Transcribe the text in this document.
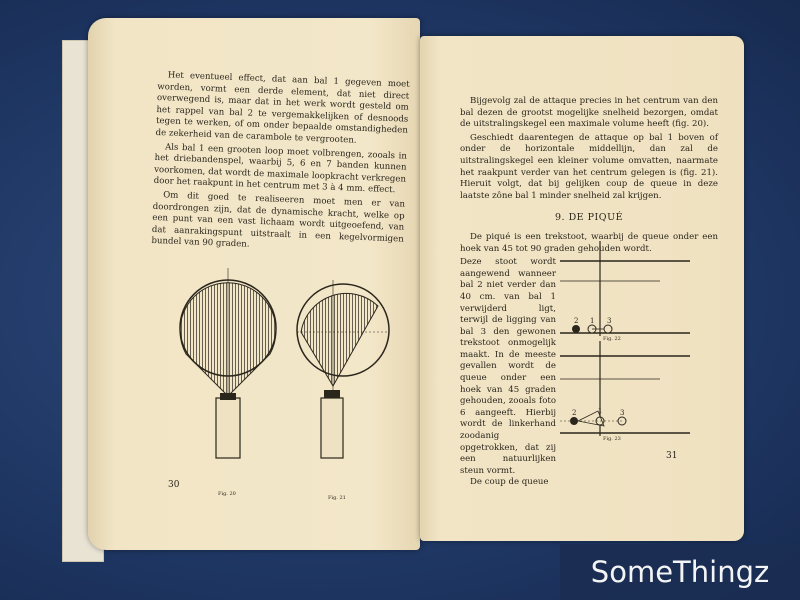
Het eventueel effect, dat aan bal 1 gegeven moet worden, vormt een derde element, dat niet direct overwegend is, maar dat in het werk wordt gesteld om het rappel van bal 2 te vergemakkelijken of desnoods tegen te werken, of om onder bepaalde omstandigheden de zekerheid van de carambole te vergrooten.

Als bal 1 een grooten loop moet volbrengen, zooals in het driebandenspel, waarbij 5, 6 en 7 banden kunnen voorkomen, dat wordt de maximale loopkracht verkregen door het raakpunt in het centrum met 3 à 4 mm. effect.

Om dit goed te realiseeren moet men er van doordrongen zijn, dat de dynamische kracht, welke op een punt van een vast lichaam wordt uitgeoefend, van dat aanrakingspunt uitstraalt in een kegelvormigen bundel van 90 graden.

Fig. 20
Fig. 21
30

Bijgevolg zal de attaque precies in het centrum van den bal dezen de grootst mogelijke snelheid bezorgen, omdat de uitstralingskegel een maximale volume heeft (fig. 20).

Geschiedt daarentegen de attaque op bal 1 boven of onder de horizontale middellijn, dan zal de uitstralingskegel een kleiner volume omvatten, naarmate het raakpunt verder van het centrum gelegen is (fig. 21). Hieruit volgt, dat bij gelijken coup de queue in deze laatste zône bal 1 minder snelheid zal krijgen.

9. DE PIQUÉ

De piqué is een trekstoot, waarbij de queue onder een hoek van 45 tot 90 graden gehouden wordt.

Deze stoot wordt aangewend wanneer bal 2 niet verder dan 40 cm. van bal 1 verwijderd ligt, terwijl de ligging van bal 3 den gewonen trekstoot onmogelijk maakt. In de meeste gevallen wordt de queue onder een hoek van 45 graden gehouden, zooals foto 6 aangeeft. Hierbij wordt de linkerhand zoodanig opgetrokken, dat zij een natuurlijken steun vormt.
De coup de queue
2 1 3
2	1	3
Fig. 22
Fig. 23
31
SomeThingz
